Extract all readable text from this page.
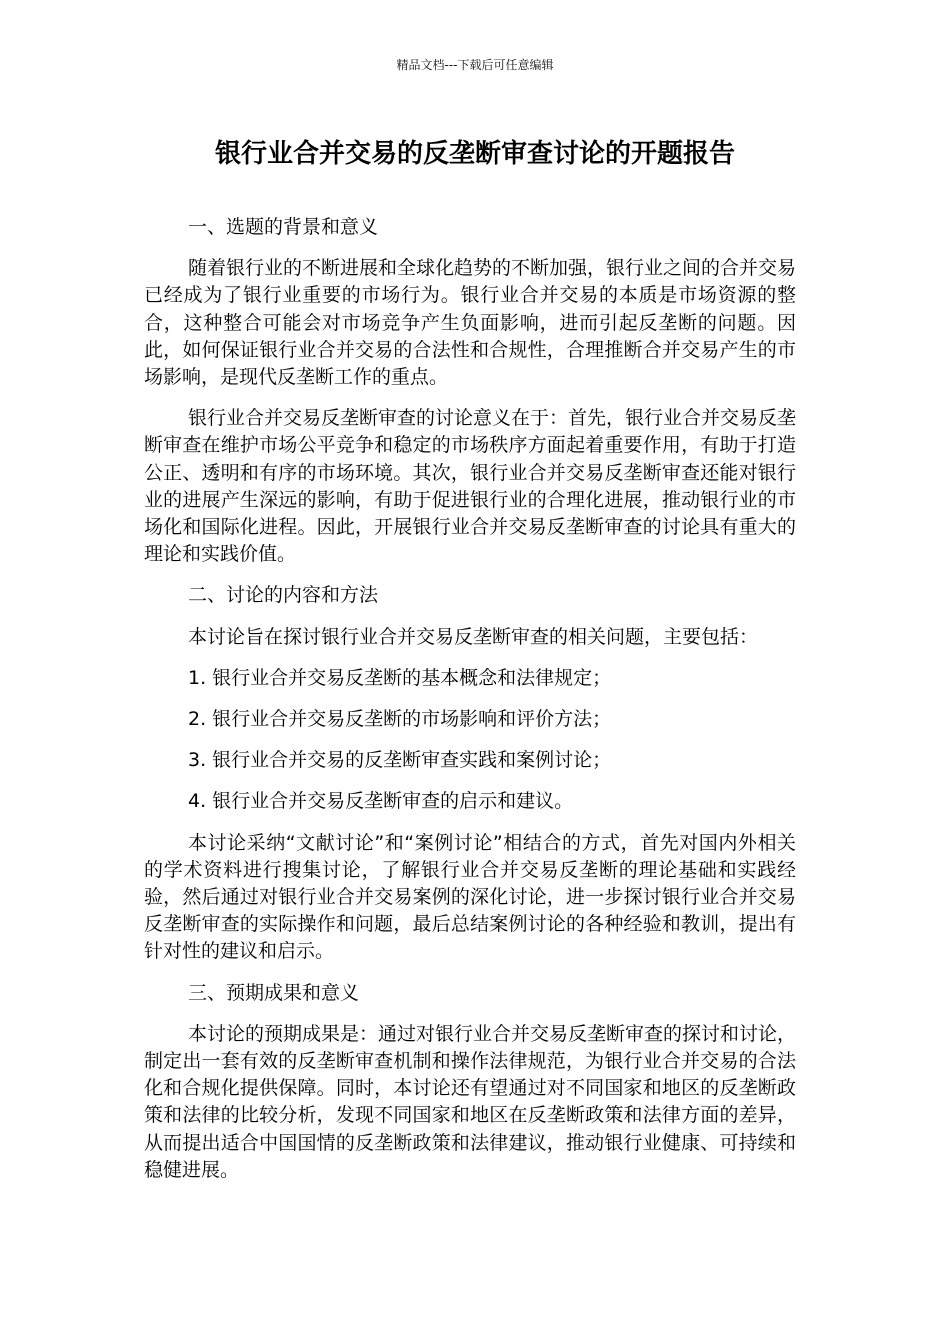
精品文档---下载后可任意编辑
银行业合并交易的反垄断审查讨论的开题报告

一、选题的背景和意义

随着银行业的不断进展和全球化趋势的不断加强，银行业之间的合并交易已经成为了银行业重要的市场行为。银行业合并交易的本质是市场资源的整合，这种整合可能会对市场竞争产生负面影响，进而引起反垄断的问题。因此，如何保证银行业合并交易的合法性和合规性，合理推断合并交易产生的市场影响，是现代反垄断工作的重点。

银行业合并交易反垄断审查的讨论意义在于：首先，银行业合并交易反垄断审查在维护市场公平竞争和稳定的市场秩序方面起着重要作用，有助于打造公正、透明和有序的市场环境。其次，银行业合并交易反垄断审查还能对银行业的进展产生深远的影响，有助于促进银行业的合理化进展，推动银行业的市场化和国际化进程。因此，开展银行业合并交易反垄断审查的讨论具有重大的理论和实践价值。

二、讨论的内容和方法

本讨论旨在探讨银行业合并交易反垄断审查的相关问题，主要包括：

1. 银行业合并交易反垄断的基本概念和法律规定；

2. 银行业合并交易反垄断的市场影响和评价方法；

3. 银行业合并交易的反垄断审查实践和案例讨论；

4. 银行业合并交易反垄断审查的启示和建议。

本讨论采纳“文献讨论”和“案例讨论”相结合的方式，首先对国内外相关的学术资料进行搜集讨论，了解银行业合并交易反垄断的理论基础和实践经验，然后通过对银行业合并交易案例的深化讨论，进一步探讨银行业合并交易反垄断审查的实际操作和问题，最后总结案例讨论的各种经验和教训，提出有针对性的建议和启示。

三、预期成果和意义

本讨论的预期成果是：通过对银行业合并交易反垄断审查的探讨和讨论，制定出一套有效的反垄断审查机制和操作法律规范，为银行业合并交易的合法化和合规化提供保障。同时，本讨论还有望通过对不同国家和地区的反垄断政策和法律的比较分析，发现不同国家和地区在反垄断政策和法律方面的差异，从而提出适合中国国情的反垄断政策和法律建议，推动银行业健康、可持续和稳健进展。
